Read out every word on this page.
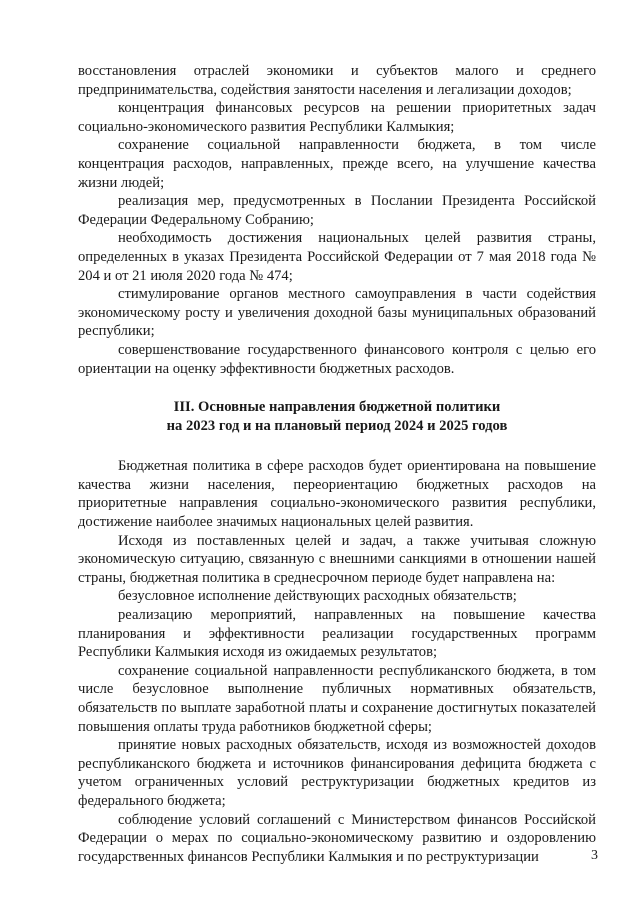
восстановления отраслей экономики и субъектов малого и среднего предпринимательства, содействия занятости населения и легализации доходов;

концентрация финансовых ресурсов на решении приоритетных задач социально-экономического развития Республики Калмыкия;

сохранение социальной направленности бюджета, в том числе концентрация расходов, направленных, прежде всего, на улучшение качества жизни людей;

реализация мер, предусмотренных в Послании Президента Российской Федерации Федеральному Собранию;

необходимость достижения национальных целей развития страны, определенных в указах Президента Российской Федерации от 7 мая 2018 года № 204 и от 21 июля 2020 года № 474;

стимулирование органов местного самоуправления в части содействия экономическому росту и увеличения доходной базы муниципальных образований республики;

совершенствование государственного финансового контроля с целью его ориентации на оценку эффективности бюджетных расходов.

III. Основные направления бюджетной политики
на 2023 год и на плановый период 2024 и 2025 годов

Бюджетная политика в сфере расходов будет ориентирована на повышение качества жизни населения, переориентацию бюджетных расходов на приоритетные направления социально-экономического развития республики, достижение наиболее значимых национальных целей развития.

Исходя из поставленных целей и задач, а также учитывая сложную экономическую ситуацию, связанную с внешними санкциями в отношении нашей страны, бюджетная политика в среднесрочном периоде будет направлена на:

безусловное исполнение действующих расходных обязательств;

реализацию мероприятий, направленных на повышение качества планирования и эффективности реализации государственных программ Республики Калмыкия исходя из ожидаемых результатов;

сохранение социальной направленности республиканского бюджета, в том числе безусловное выполнение публичных нормативных обязательств, обязательств по выплате заработной платы и сохранение достигнутых показателей повышения оплаты труда работников бюджетной сферы;

принятие новых расходных обязательств, исходя из возможностей доходов республиканского бюджета и источников финансирования дефицита бюджета с учетом ограниченных условий реструктуризации бюджетных кредитов из федерального бюджета;

соблюдение условий соглашений с Министерством финансов Российской Федерации о мерах по социально-экономическому развитию и оздоровлению государственных финансов Республики Калмыкия и по реструктуризации	3
